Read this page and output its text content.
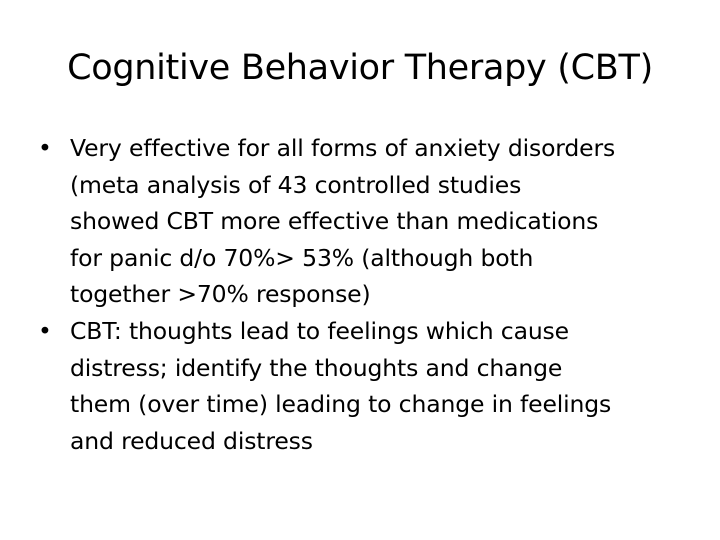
Cognitive Behavior Therapy (CBT)
• Very effective for all forms of anxiety disorders
(meta analysis of 43 controlled studies
showed CBT more effective than medications
for panic d/o 70%> 53% (although both
together >70% response)
• CBT: thoughts lead to feelings which cause
distress; identify the thoughts and change
them (over time) leading to change in feelings
and reduced distress
